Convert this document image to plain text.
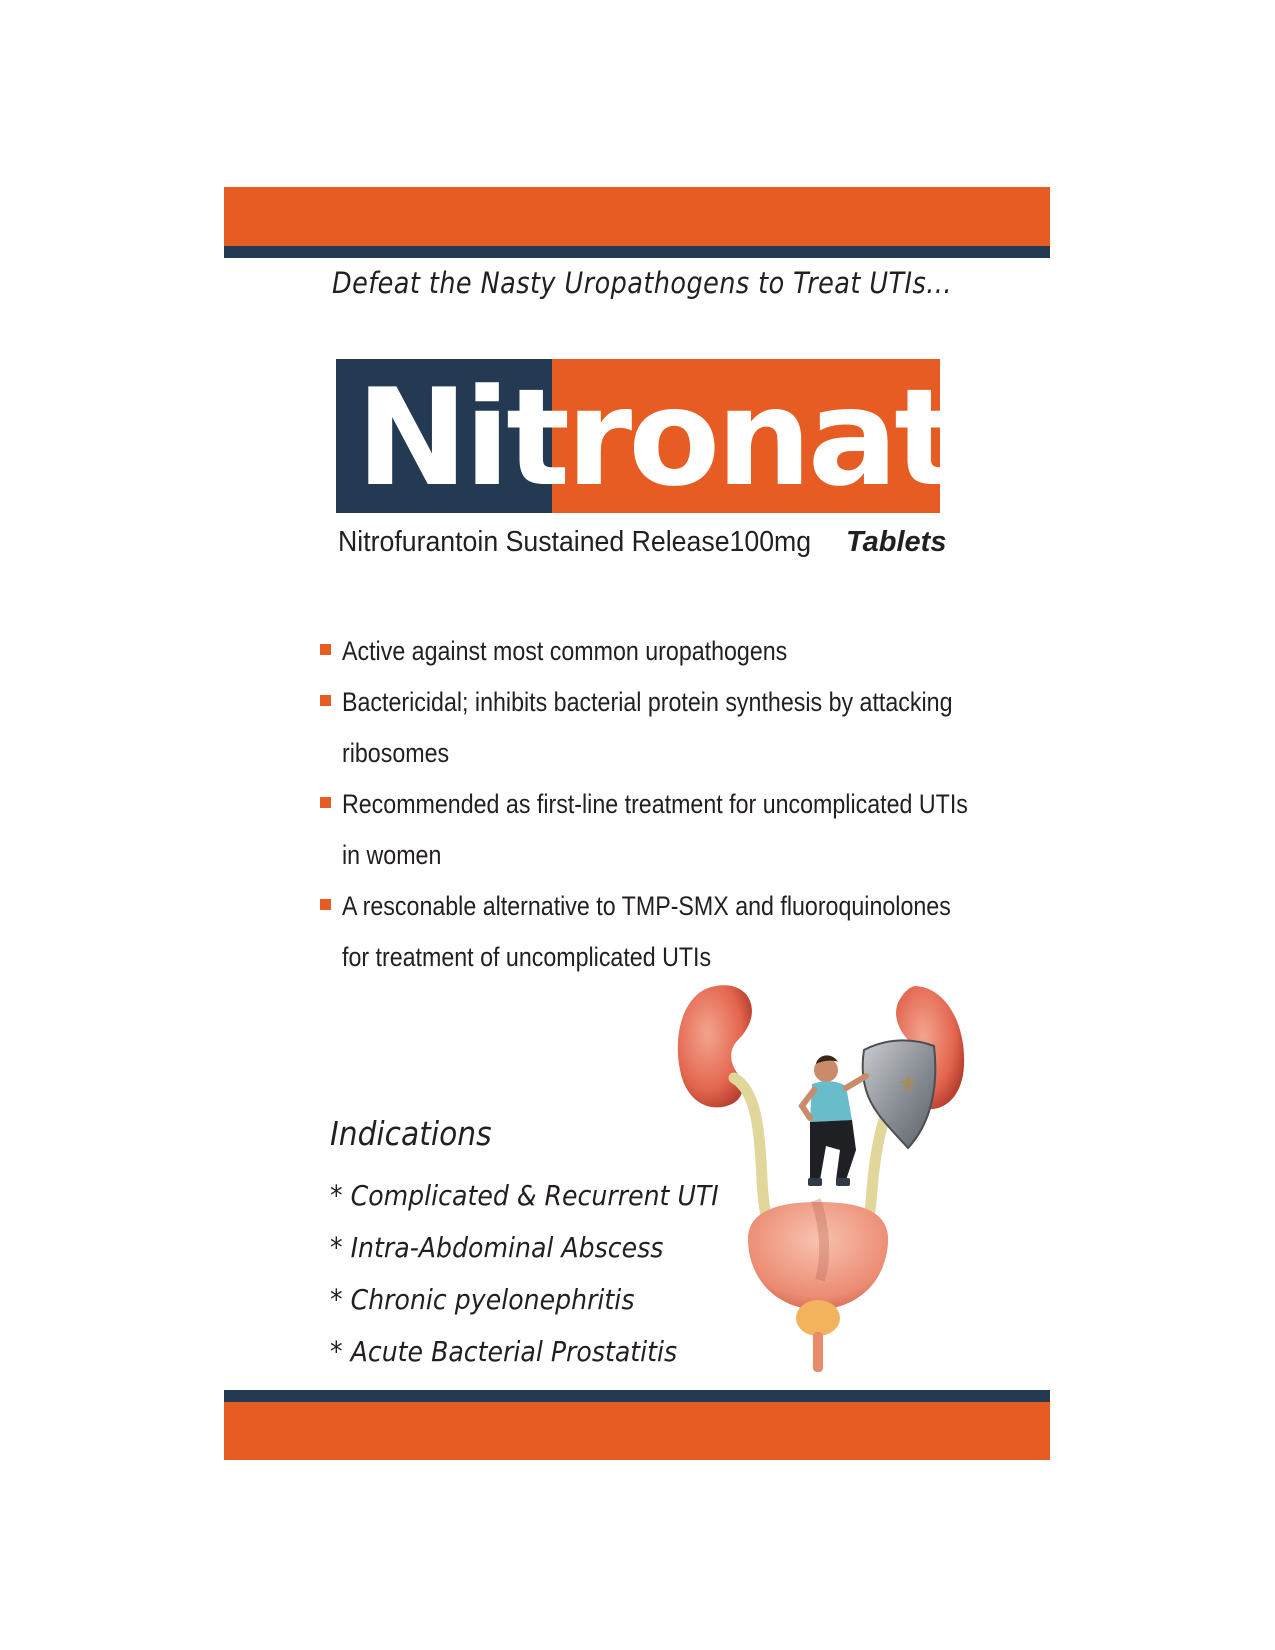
Defeat the Nasty Uropathogens to Treat UTIs...
Nitronat
Nitrofurantoin Sustained Release100mg Tablets
Active against most common uropathogens
Bactericidal; inhibits bacterial protein synthesis by attacking ribosomes
Recommended as first-line treatment for uncomplicated UTIs in women
A resconable alternative to TMP-SMX and fluoroquinolones for treatment of uncomplicated UTIs
Indications
* Complicated & Recurrent UTI
* Intra-Abdominal Abscess
* Chronic pyelonephritis
* Acute Bacterial Prostatitis
⚜
